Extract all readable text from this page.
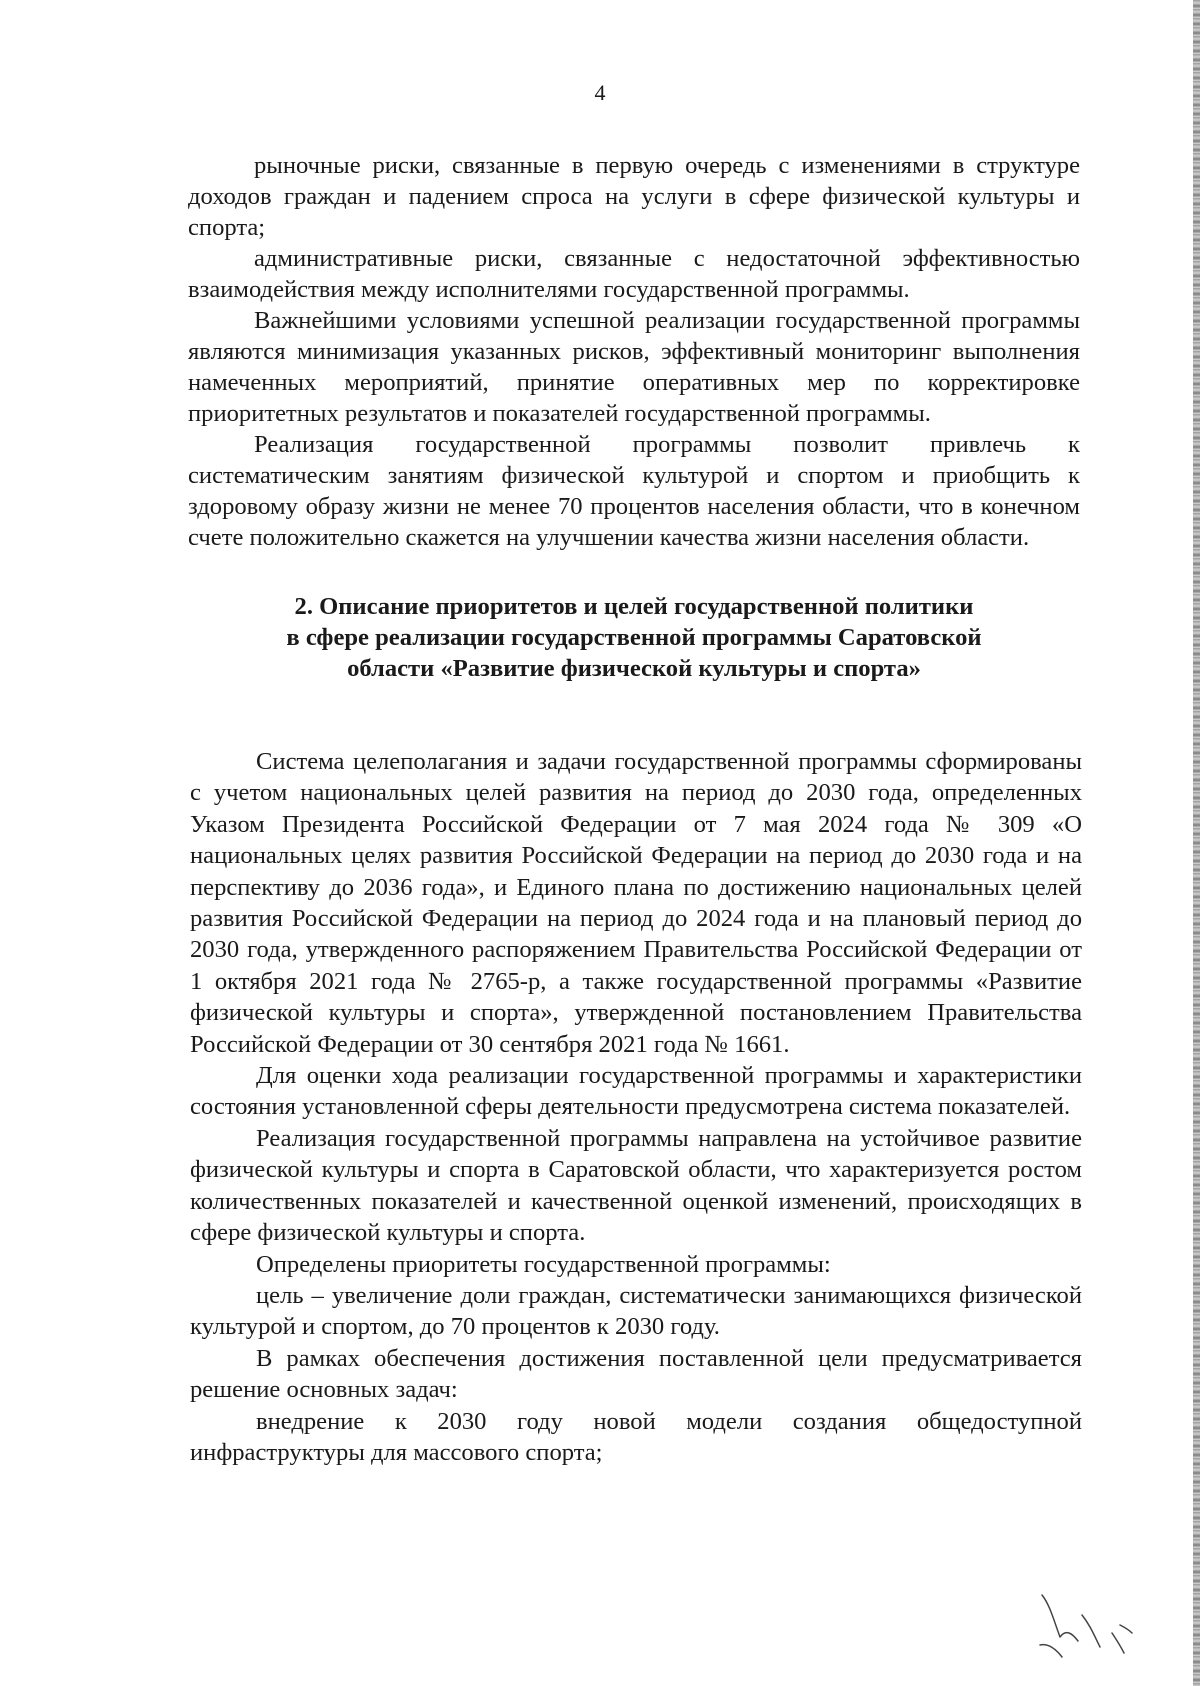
4

рыночные риски, связанные в первую очередь с изменениями в структуре доходов граждан и падением спроса на услуги в сфере физической культуры и спорта;

административные риски, связанные с недостаточной эффективностью взаимодействия между исполнителями государственной программы.

Важнейшими условиями успешной реализации государственной программы являются минимизация указанных рисков, эффективный мониторинг выполнения намеченных мероприятий, принятие оперативных мер по корректировке приоритетных результатов и показателей государственной программы.

Реализация государственной программы позволит привлечь к систематическим занятиям физической культурой и спортом и приобщить к здоровому образу жизни не менее 70 процентов населения области, что в конечном счете положительно скажется на улучшении качества жизни населения области.

2. Описание приоритетов и целей государственной политики
в сфере реализации государственной программы Саратовской
области «Развитие физической культуры и спорта»

Система целеполагания и задачи государственной программы сформированы с учетом национальных целей развития на период до 2030 года, определенных Указом Президента Российской Федерации от 7 мая 2024 года № 309 «О национальных целях развития Российской Федерации на период до 2030 года и на перспективу до 2036 года», и Единого плана по достижению национальных целей развития Российской Федерации на период до 2024 года и на плановый период до 2030 года, утвержденного распоряжением Правительства Российской Федерации от 1 октября 2021 года № 2765-р, а также государственной программы «Развитие физической культуры и спорта», утвержденной постановлением Правительства Российской Федерации от 30 сентября 2021 года № 1661.

Для оценки хода реализации государственной программы и характеристики состояния установленной сферы деятельности предусмотрена система показателей.

Реализация государственной программы направлена на устойчивое развитие физической культуры и спорта в Саратовской области, что характеризуется ростом количественных показателей и качественной оценкой изменений, происходящих в сфере физической культуры и спорта.

Определены приоритеты государственной программы:

цель – увеличение доли граждан, систематически занимающихся физической культурой и спортом, до 70 процентов к 2030 году.

В рамках обеспечения достижения поставленной цели предусматривается решение основных задач:

внедрение к 2030 году новой модели создания общедоступной инфраструктуры для массового спорта;
